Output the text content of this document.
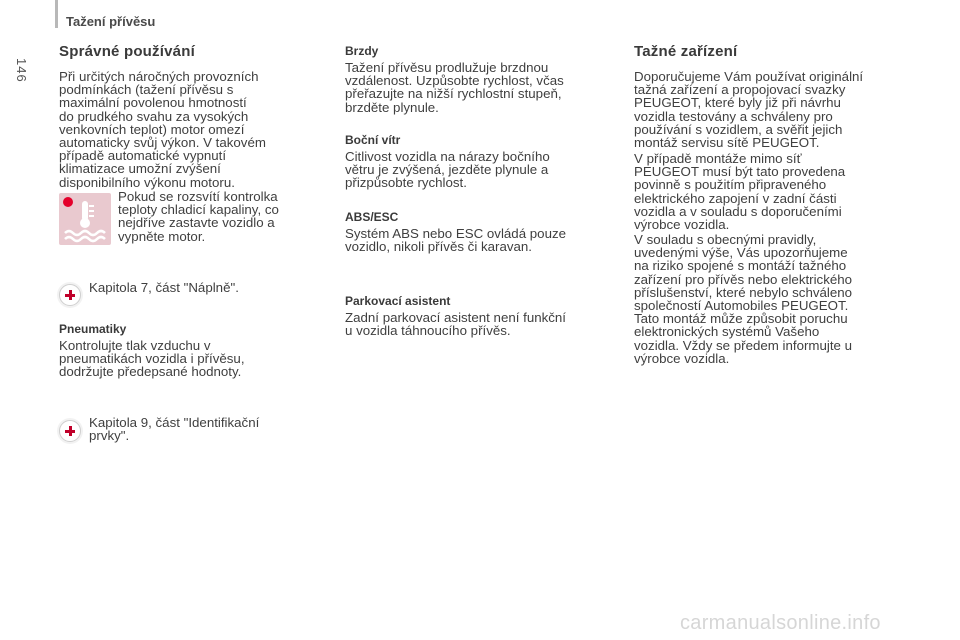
Tažení přívěsu
146
Správné používání
Při určitých náročných provozních
podmínkách (tažení přívěsu s
maximální povolenou hmotností
do prudkého svahu za vysokých
venkovních teplot) motor omezí
automaticky svůj výkon. V takovém
případě automatické vypnutí
klimatizace umožní zvýšení
disponibilního výkonu motoru.
Pokud se rozsvítí kontrolka
teploty chladicí kapaliny, co
nejdříve zastavte vozidlo a
vypněte motor.
Kapitola 7, část "Náplně".
Pneumatiky
Kontrolujte tlak vzduchu v
pneumatikách vozidla i přívěsu,
dodržujte předepsané hodnoty.
Kapitola 9, část "Identifikační
prvky".
Brzdy
Tažení přívěsu prodlužuje brzdnou
vzdálenost. Uzpůsobte rychlost, včas
přeřazujte na nižší rychlostní stupeň,
brzděte plynule.
Boční vítr
Citlivost vozidla na nárazy bočního
větru je zvýšená, jezděte plynule a
přizpůsobte rychlost.
ABS/ESC
Systém ABS nebo ESC ovládá pouze
vozidlo, nikoli přívěs či karavan.
Parkovací asistent
Zadní parkovací asistent není funkční
u vozidla táhnoucího přívěs.
Tažné zařízení
Doporučujeme Vám používat originální
tažná zařízení a propojovací svazky
PEUGEOT, které byly již při návrhu
vozidla testovány a schváleny pro
používání s vozidlem, a svěřit jejich
montáž servisu sítě PEUGEOT.
V případě montáže mimo síť
PEUGEOT musí být tato provedena
povinně s použitím připraveného
elektrického zapojení v zadní části
vozidla a v souladu s doporučeními
výrobce vozidla.
V souladu s obecnými pravidly,
uvedenými výše, Vás upozorňujeme
na riziko spojené s montáží tažného
zařízení pro přívěs nebo elektrického
příslušenství, které nebylo schváleno
společností Automobiles PEUGEOT.
Tato montáž může způsobit poruchu
elektronických systémů Vašeho
vozidla. Vždy se předem informujte u
výrobce vozidla.
carmanualsonline.info
